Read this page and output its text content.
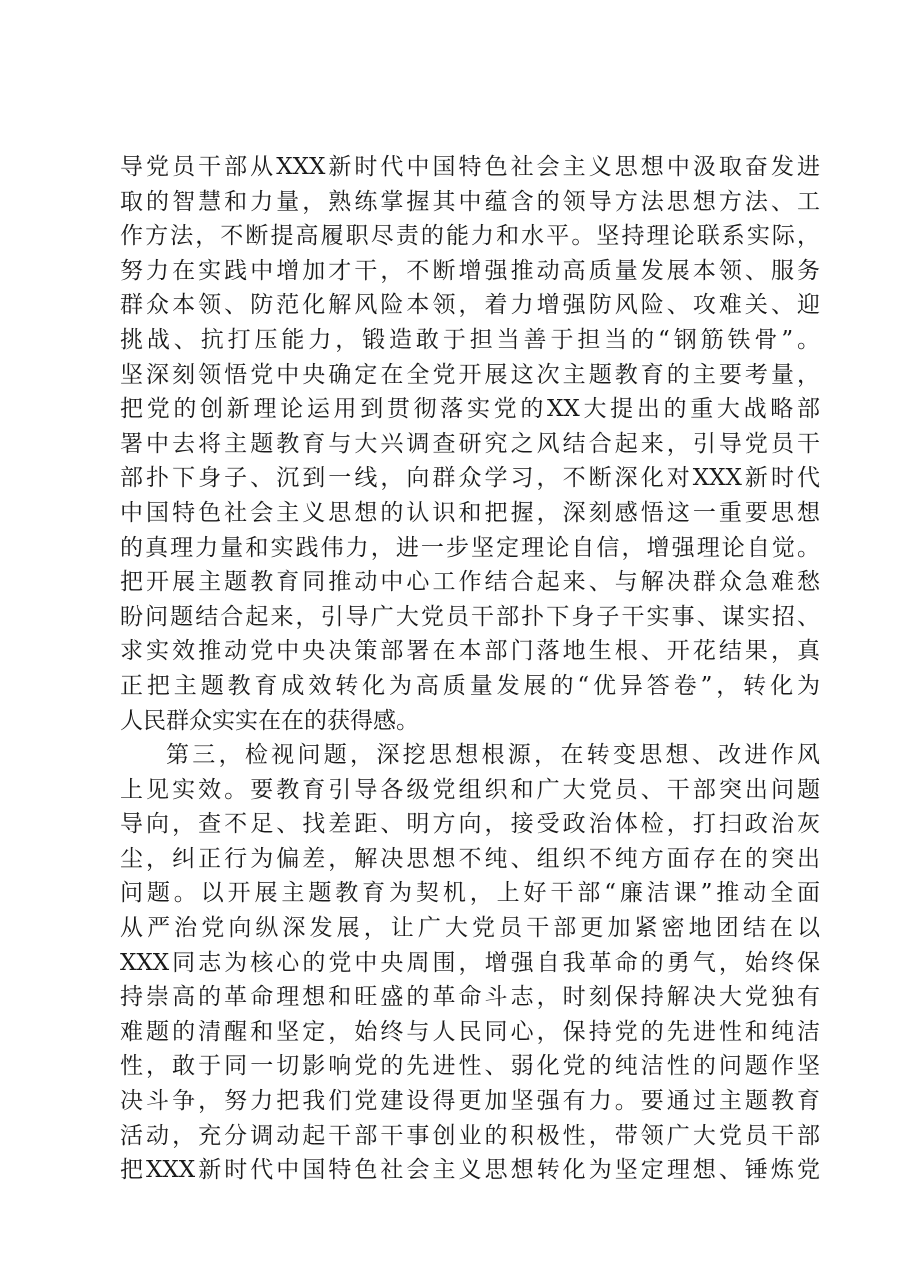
导党员干部从XXX新时代中国特色社会主义思想中汲取奋发进
取的智慧和力量，熟练掌握其中蕴含的领导方法思想方法、工
作方法，不断提高履职尽责的能力和水平。坚持理论联系实际，
努力在实践中增加才干，不断增强推动高质量发展本领、服务
群众本领、防范化解风险本领，着力增强防风险、攻难关、迎
挑战、抗打压能力，锻造敢于担当善于担当的“钢筋铁骨”。
坚深刻领悟党中央确定在全党开展这次主题教育的主要考量，
把党的创新理论运用到贯彻落实党的XX大提出的重大战略部
署中去将主题教育与大兴调查研究之风结合起来，引导党员干
部扑下身子、沉到一线，向群众学习，不断深化对XXX新时代
中国特色社会主义思想的认识和把握，深刻感悟这一重要思想
的真理力量和实践伟力，进一步坚定理论自信，增强理论自觉。
把开展主题教育同推动中心工作结合起来、与解决群众急难愁
盼问题结合起来，引导广大党员干部扑下身子干实事、谋实招、
求实效推动党中央决策部署在本部门落地生根、开花结果，真
正把主题教育成效转化为高质量发展的“优异答卷”，转化为
人民群众实实在在的获得感。
第三，检视问题，深挖思想根源，在转变思想、改进作风
上见实效。要教育引导各级党组织和广大党员、干部突出问题
导向，查不足、找差距、明方向，接受政治体检，打扫政治灰
尘，纠正行为偏差，解决思想不纯、组织不纯方面存在的突出
问题。以开展主题教育为契机，上好干部“廉洁课”推动全面
从严治党向纵深发展，让广大党员干部更加紧密地团结在以
XXX同志为核心的党中央周围，增强自我革命的勇气，始终保
持崇高的革命理想和旺盛的革命斗志，时刻保持解决大党独有
难题的清醒和坚定，始终与人民同心，保持党的先进性和纯洁
性，敢于同一切影响党的先进性、弱化党的纯洁性的问题作坚
决斗争，努力把我们党建设得更加坚强有力。要通过主题教育
活动，充分调动起干部干事创业的积极性，带领广大党员干部
把XXX新时代中国特色社会主义思想转化为坚定理想、锤炼党
